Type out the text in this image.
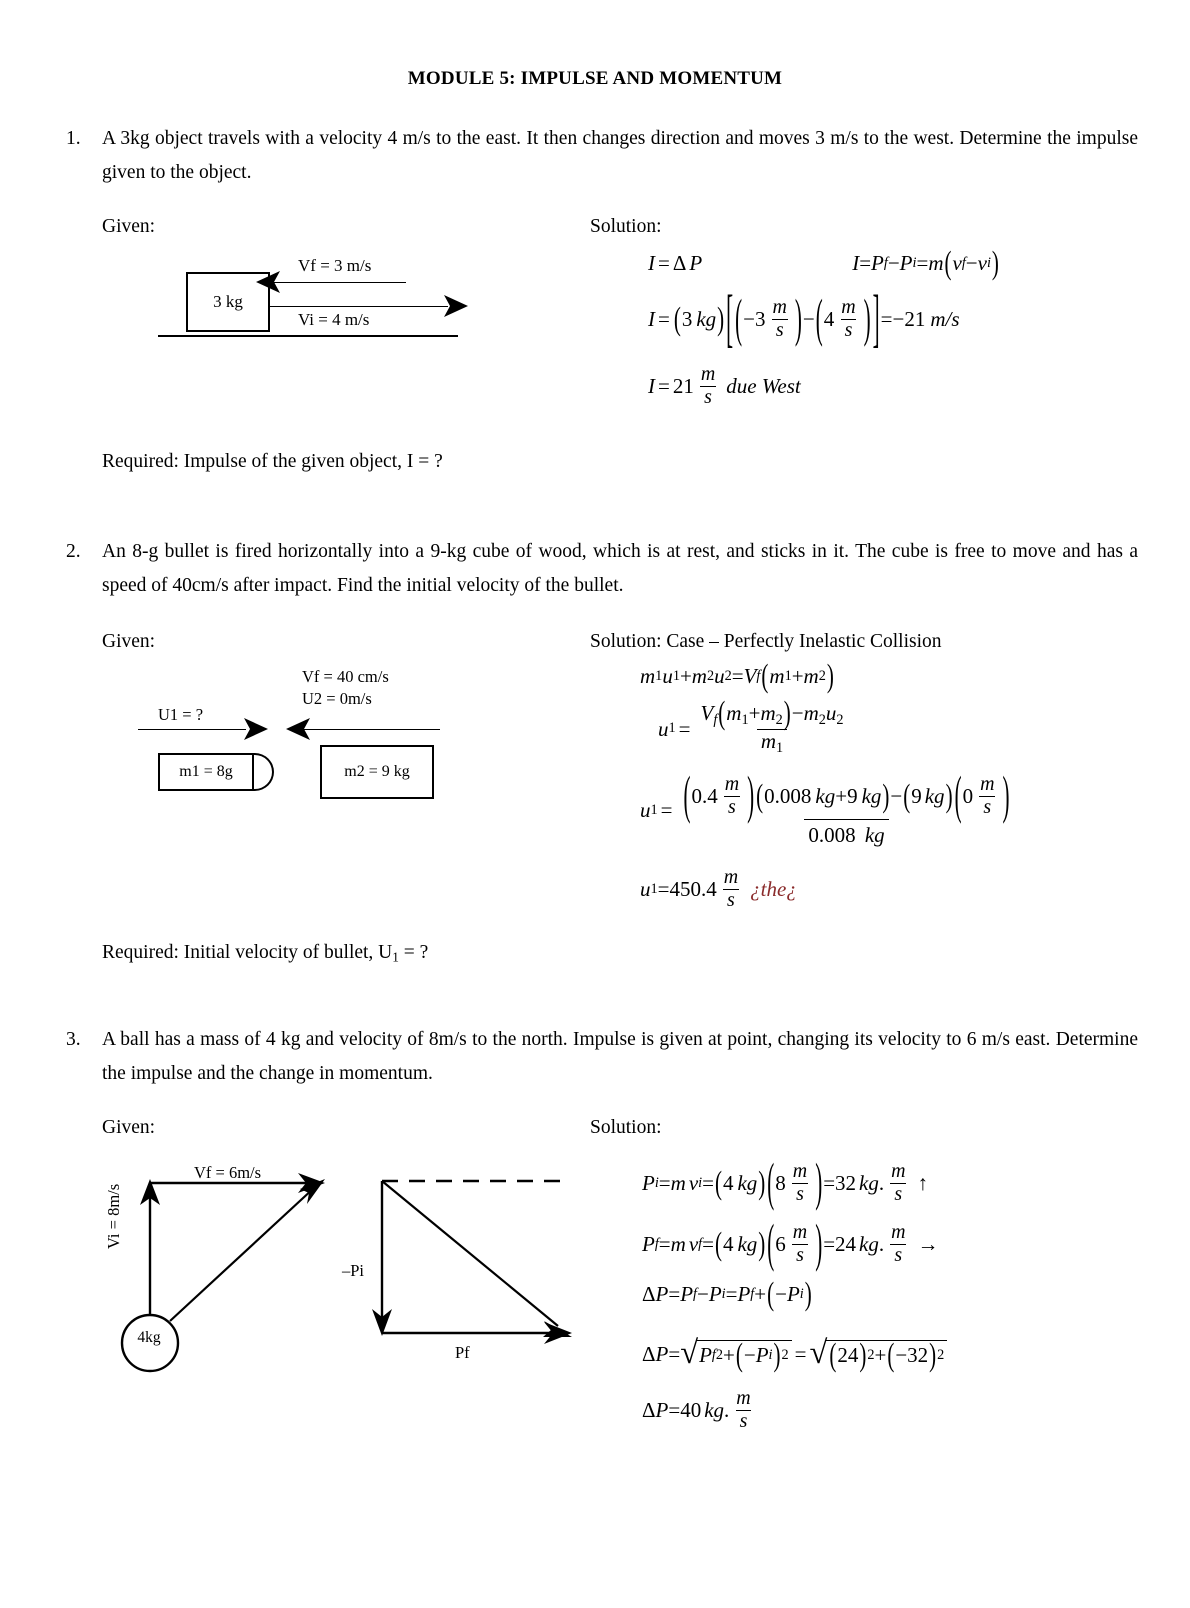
MODULE 5: IMPULSE AND MOMENTUM
1.	A 3kg object travels with a velocity 4 m/s to the east. It then changes direction and moves 3 m/s to the west. Determine the impulse given to the object.
Given:
3 kg
Vf = 3 m/s
Vi = 4 m/s
Solution:
I = Δ P	I = P f − P i = m ( v f − v i )
I = ( 3 kg ) [ ( − $3 \frac{m}{s}$ ) − ( $4 \frac{m}{s}$ ) ] = − 21 m/s
$I = 21 \frac{m}{s}$ due West
Required: Impulse of the given object, I = ?
2.	An 8-g bullet is fired horizontally into a 9-kg cube of wood, which is at rest, and sticks in it. The cube is free to move and has a speed of 40cm/s after impact. Find the initial velocity of the bullet.
Given:
U1 = ?
Vf = 40 cm/s
U2 = 0m/s
m1 = 8g	m2 = 9 kg
Solution: Case – Perfectly Inelastic Collision
m 1 u 1 + m 2 u 2 = V f ( m 1 + m 2 )
u $1 = \frac{Vf(m1+m2)-m2u2}{m1}$
u 1 = ( $0.4 \frac{m}{s}$ ) ( 0.008 kg + 9 kg ) − ( 9 kg ) ( $0 \frac{m}{s}$ )
0.008 kg
u $1 = 450.4 \frac{m}{s}$ ¿the¿
Required: Initial velocity of bullet, $U_1$ = ?
3.	A ball has a mass of 4 kg and velocity of 8m/s to the north. Impulse is given at point, changing its velocity to 6 m/s east. Determine the impulse and the change in momentum.
Given:
Vi = 8m/s
Vf = 6m/s
–Pi
Pf
4kg
Solution:
P i = m v i = ( 4 kg ) ( $8 \frac{m}{s}$ ) = 32 kg . $\frac{m}{s}$ ↑
P f = m v f = ( 4 kg ) ( $6 \frac{m}{s}$ ) = 24 kg . $\frac{m}{s}$ →
Δ P = P f − P i = P f + ( − P i )
Δ P = √ P f 2 + ( − P i ) 2 = √ ( 24 ) 2 + ( − 32 ) 2
Δ P = 40 kg . $\frac{m}{s}$
